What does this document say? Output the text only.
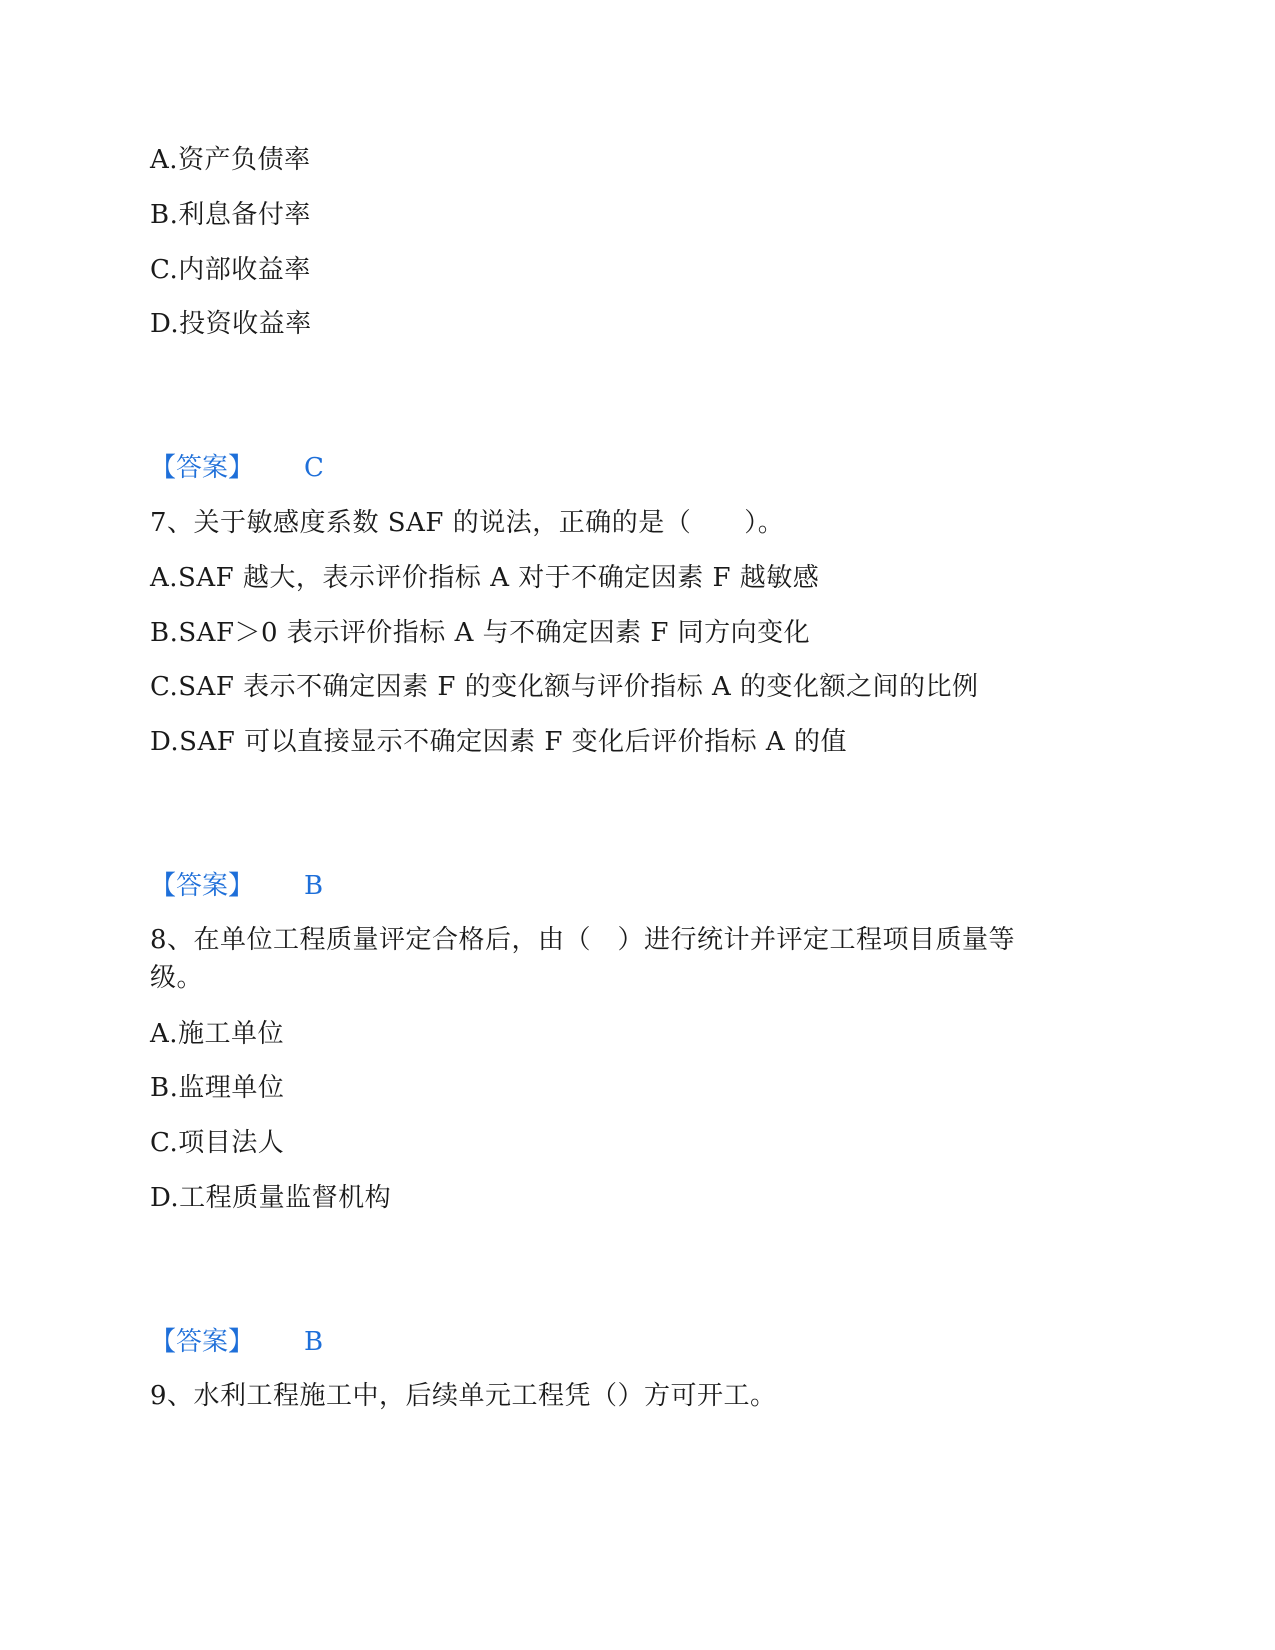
A.资产负债率
B.利息备付率
C.内部收益率
D.投资收益率
【答案】 C
7、关于敏感度系数 SAF 的说法，正确的是（　　）。
A.SAF 越大，表示评价指标 A 对于不确定因素 F 越敏感
B.SAF＞0 表示评价指标 A 与不确定因素 F 同方向变化
C.SAF 表示不确定因素 F 的变化额与评价指标 A 的变化额之间的比例
D.SAF 可以直接显示不确定因素 F 变化后评价指标 A 的值
【答案】 B
8、在单位工程质量评定合格后，由（　）进行统计并评定工程项目质量等
级。
A.施工单位
B.监理单位
C.项目法人
D.工程质量监督机构
【答案】 B
9、水利工程施工中，后续单元工程凭（）方可开工。
